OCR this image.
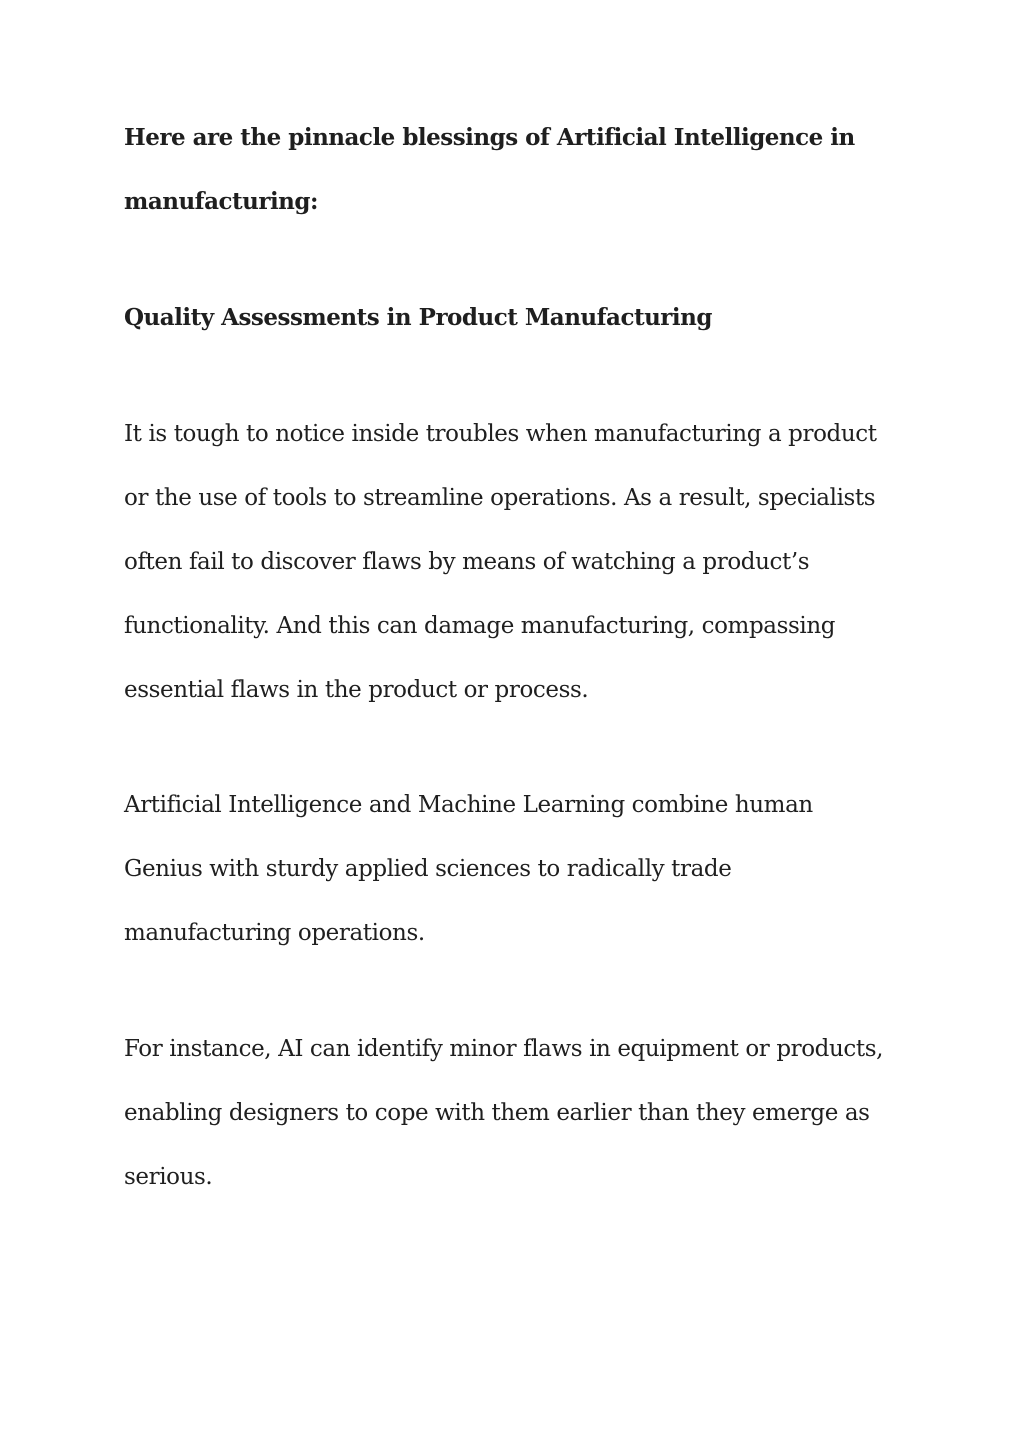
Here are the pinnacle blessings of Artificial Intelligence in
manufacturing:
Quality Assessments in Product Manufacturing

It is tough to notice inside troubles when manufacturing a product
or the use of tools to streamline operations. As a result, specialists
often fail to discover flaws by means of watching a product’s
functionality. And this can damage manufacturing, compassing
essential flaws in the product or process.

Artificial Intelligence and Machine Learning combine human
Genius with sturdy applied sciences to radically trade
manufacturing operations.

For instance, AI can identify minor flaws in equipment or products,
enabling designers to cope with them earlier than they emerge as
serious.
